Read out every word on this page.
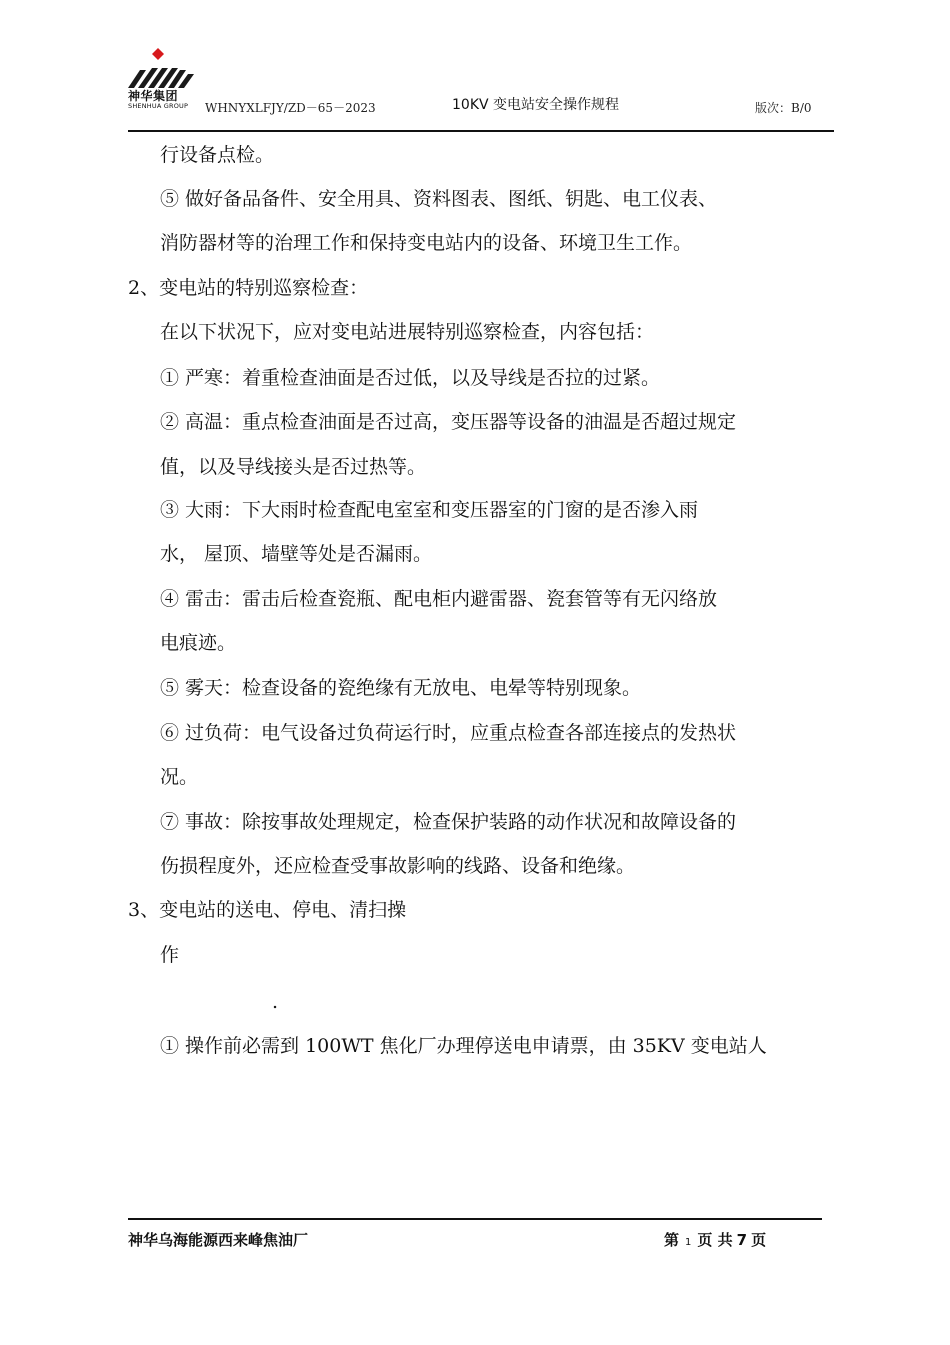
神华集团
SHENHUA GROUP WHNYXLFJY/ZD－65－2023	10KV 变电站安全操作规程	版次：B/0
行设备点检。
⑤ 做好备品备件、安全用具、资料图表、图纸、钥匙、电工仪表、
消防器材等的治理工作和保持变电站内的设备、环境卫生工作。
2、变电站的特别巡察检查：
在以下状况下，应对变电站进展特别巡察检查，内容包括：
① 严寒：着重检查油面是否过低，以及导线是否拉的过紧。
② 高温：重点检查油面是否过高，变压器等设备的油温是否超过规定
值，以及导线接头是否过热等。
③ 大雨：下大雨时检查配电室室和变压器室的门窗的是否渗入雨
水， 屋顶、墙壁等处是否漏雨。
④ 雷击：雷击后检查瓷瓶、配电柜内避雷器、瓷套管等有无闪络放
电痕迹。
⑤ 雾天：检查设备的瓷绝缘有无放电、电晕等特别现象。
⑥ 过负荷：电气设备过负荷运行时，应重点检查各部连接点的发热状
况。
⑦ 事故：除按事故处理规定，检查保护装路的动作状况和故障设备的
伤损程度外，还应检查受事故影响的线路、设备和绝缘。
3、变电站的送电、停电、清扫操
作
.
① 操作前必需到 100WT 焦化厂办理停送电申请票，由 35KV 变电站人
神华乌海能源西来峰焦油厂	第 1 页 共 7 页
